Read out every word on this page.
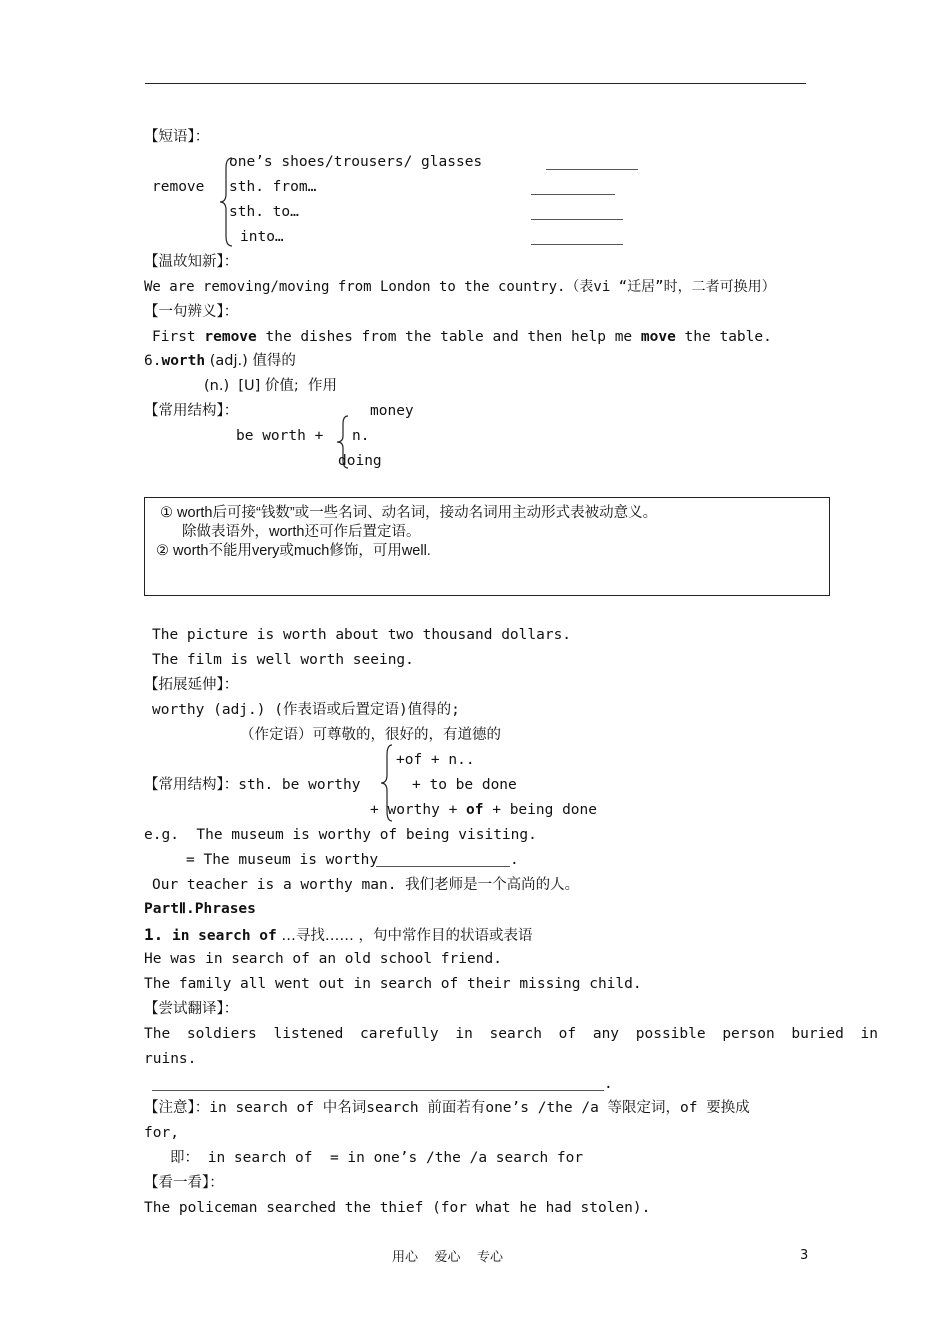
【短语】：
remove
one’s shoes/trousers/ glasses
sth. from…
sth. to…
into…
【温故知新】：
We are removing/moving from London to the country.（表vi “迁居”时，二者可换用）
【一句辨义】：
First remove the dishes from the table and then help me move the table.
6.worth (adj.) 值得的
(n.)  [U] 价值;  作用
【常用结构】：
be worth +
money
n.
doing
① worth后可接“钱数”或一些名词、动名词，接动名词用主动形式表被动意义。
除做表语外，worth还可作后置定语。
② worth不能用very或much修饰，可用well.
The picture is worth about two thousand dollars.
The film is well worth seeing.
【拓展延伸】：
worthy (adj.) (作表语或后置定语)值得的;
（作定语）可尊敬的，很好的，有道德的
【常用结构】：sth. be worthy
+of + n..
+ to be done
+ worthy + of + being done
e.g.  The museum is worthy of being visiting.
= The museum is worthy	.
Our teacher is a worthy man. 我们老师是一个高尚的人。
PartⅡ.Phrases
1. in search of …寻找…… ，句中常作目的状语或表语
He was in search of an old school friend.
The family all went out in search of their missing child.
【尝试翻译】：
The soldiers listened carefully in search of any possible person buried in
ruins.
.
【注意】：in search of 中名词search 前面若有one’s /the /a 等限定词，of 要换成
for,
即： in search of  = in one’s /the /a search for
【看一看】：
The policeman searched the thief (for what he had stolen).
用心    爱心    专心	3
